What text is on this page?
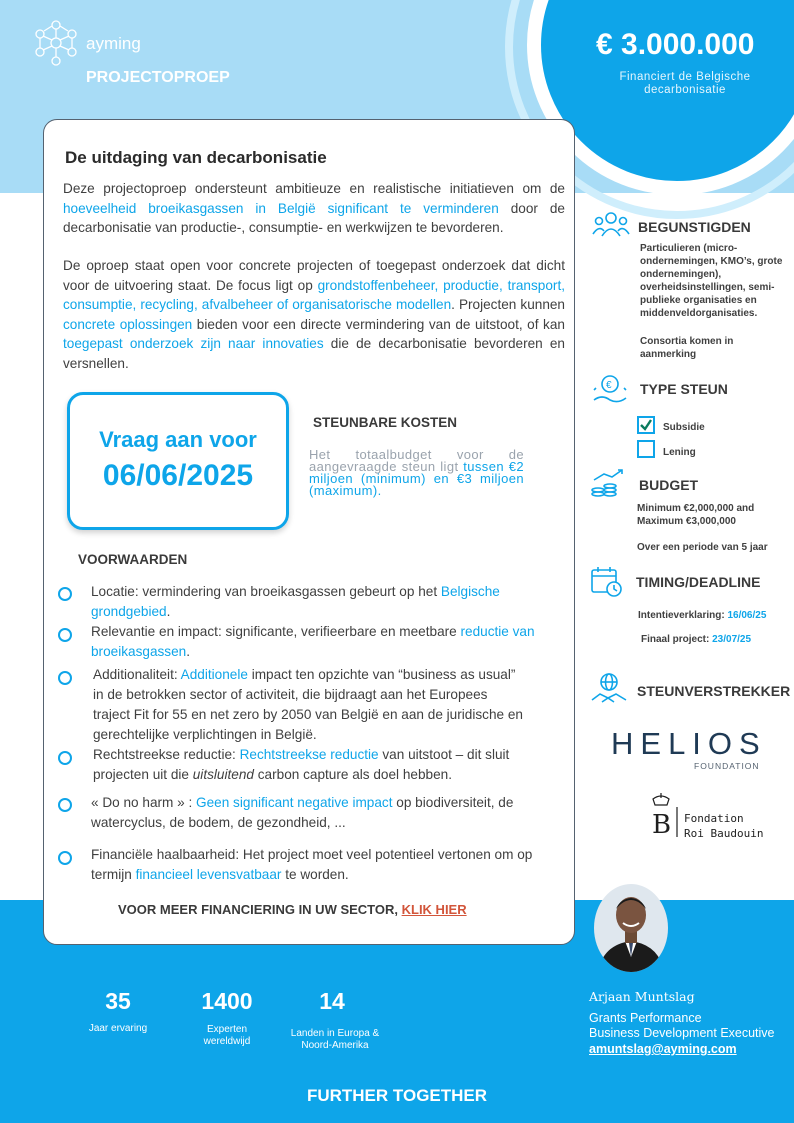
ayming
PROJECTOPROEP
€ 3.000.000
Financiert de Belgische decarbonisatie
De uitdaging van decarbonisatie
Deze projectoproep ondersteunt ambitieuze en realistische initiatieven om de hoeveelheid broeikasgassen in België significant te verminderen door de decarbonisatie van productie-, consumptie- en werkwijzen te bevorderen.
De oproep staat open voor concrete projecten of toegepast onderzoek dat dicht voor de uitvoering staat. De focus ligt op grondstoffenbeheer, productie, transport, consumptie, recycling, afvalbeheer of organisatorische modellen. Projecten kunnen concrete oplossingen bieden voor een directe vermindering van de uitstoot, of kan toegepast onderzoek zijn naar innovaties die de decarbonisatie bevorderen en versnellen.
Vraag aan voor
06/06/2025
STEUNBARE KOSTEN
Het totaalbudget voor de aangevraagde steun ligt tussen €2 miljoen (minimum) en €3 miljoen (maximum).
VOORWAARDEN
Locatie: vermindering van broeikasgassen gebeurt op het Belgische grondgebied.
Relevantie en impact: significante, verifieerbare en meetbare reductie van broeikasgassen.
Additionaliteit: Additionele impact ten opzichte van “business as usual” in de betrokken sector of activiteit, die bijdraagt aan het Europees traject Fit for 55 en net zero by 2050 van België en aan de juridische en gerechtelijke verplichtingen in België.
Rechtstreekse reductie: Rechtstreekse reductie van uitstoot – dit sluit projecten uit die uitsluitend carbon capture als doel hebben.
« Do no harm » : Geen significant negative impact op biodiversiteit, de watercyclus, de bodem, de gezondheid, ...
Financiële haalbaarheid: Het project moet veel potentieel vertonen om op termijn financieel levensvatbaar te worden.
VOOR MEER FINANCIERING IN UW SECTOR, KLIK HIER
BEGUNSTIGDEN
Particulieren (micro-ondernemingen, KMO’s, grote ondernemingen), overheidsinstellingen, semi-publieke organisaties en middenveldorganisaties.
Consortia komen in aanmerking
€ TYPE STEUN
Subsidie
Lening
BUDGET
Minimum €2,000,000 and Maximum €3,000,000
Over een periode van 5 jaar
TIMING/DEADLINE
Intentieverklaring: 16/06/25
Finaal project: 23/07/25
STEUNVERSTREKKER
HELIOS
FOUNDATION
B Fondation
Roi Baudouin
35
Jaar ervaring
1400
Experten wereldwijd
14
Landen in Europa & Noord-Amerika
Arjaan Muntslag
Grants Performance
Business Development Executive
amuntslag@ayming.com
FURTHER TOGETHER
